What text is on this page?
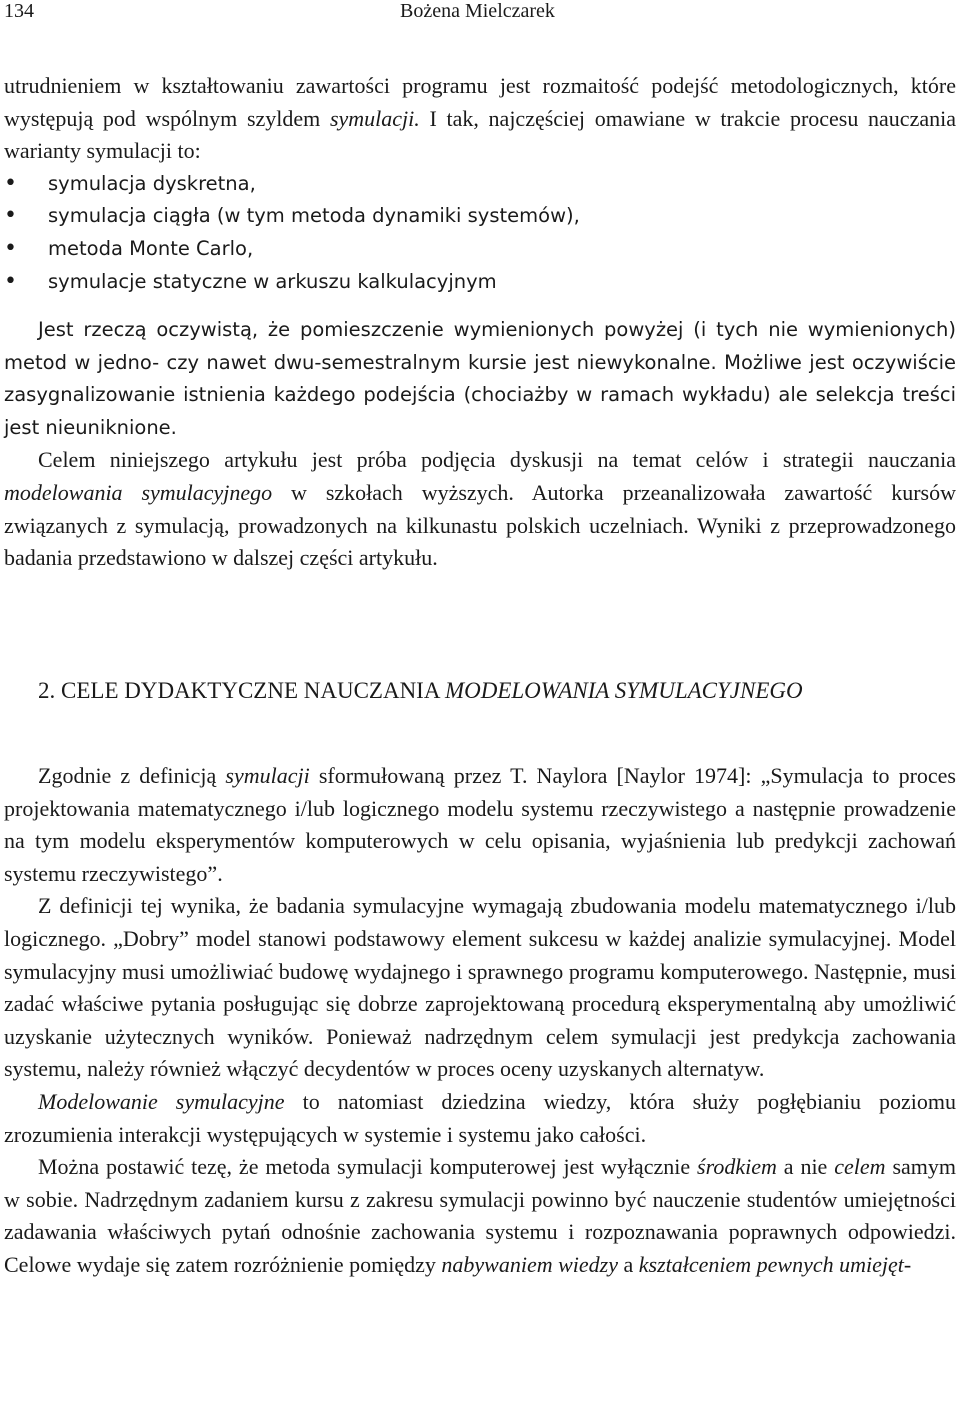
134	Bożena Mielczarek

utrudnieniem w kształtowaniu zawartości programu jest rozmaitość podejść metodologicznych, które występują pod wspólnym szyldem symulacji. I tak, najczęściej omawiane w trakcie procesu nauczania warianty symulacji to:

• symulacja dyskretna,
• symulacja ciągła (w tym metoda dynamiki systemów),
• metoda Monte Carlo,
• symulacje statyczne w arkuszu kalkulacyjnym

Jest rzeczą oczywistą, że pomieszczenie wymienionych powyżej (i tych nie wymienionych) metod w jedno- czy nawet dwu-semestralnym kursie jest niewykonalne. Możliwe jest oczywiście zasygnalizowanie istnienia każdego podejścia (chociażby w ramach wykładu) ale selekcja treści jest nieuniknione.

Celem niniejszego artykułu jest próba podjęcia dyskusji na temat celów i strategii nauczania modelowania symulacyjnego w szkołach wyższych. Autorka przeanalizowała zawartość kursów związanych z symulacją, prowadzonych na kilkunastu polskich uczelniach. Wyniki z przeprowadzonego badania przedstawiono w dalszej części artykułu.

2. CELE DYDAKTYCZNE NAUCZANIA MODELOWANIA SYMULACYJNEGO

Zgodnie z definicją symulacji sformułowaną przez T. Naylora [Naylor 1974]: „Symulacja to proces projektowania matematycznego i/lub logicznego modelu systemu rzeczywistego a następnie prowadzenie na tym modelu eksperymentów komputerowych w celu opisania, wyjaśnienia lub predykcji zachowań systemu rzeczywistego”.

Z definicji tej wynika, że badania symulacyjne wymagają zbudowania modelu matematycznego i/lub logicznego. „Dobry” model stanowi podstawowy element sukcesu w każdej analizie symulacyjnej. Model symulacyjny musi umożliwiać budowę wydajnego i sprawnego programu komputerowego. Następnie, musi zadać właściwe pytania posługując się dobrze zaprojektowaną procedurą eksperymentalną aby umożliwić uzyskanie użytecznych wyników. Ponieważ nadrzędnym celem symulacji jest predykcja zachowania systemu, należy również włączyć decydentów w proces oceny uzyskanych alternatyw.

Modelowanie symulacyjne to natomiast dziedzina wiedzy, która służy pogłębianiu poziomu zrozumienia interakcji występujących w systemie i systemu jako całości.

Można postawić tezę, że metoda symulacji komputerowej jest wyłącznie środkiem a nie celem samym w sobie. Nadrzędnym zadaniem kursu z zakresu symulacji powinno być nauczenie studentów umiejętności zadawania właściwych pytań odnośnie zachowania systemu i rozpoznawania poprawnych odpowiedzi. Celowe wydaje się zatem rozróżnienie pomiędzy nabywaniem wiedzy a kształceniem pewnych umiejęt-
